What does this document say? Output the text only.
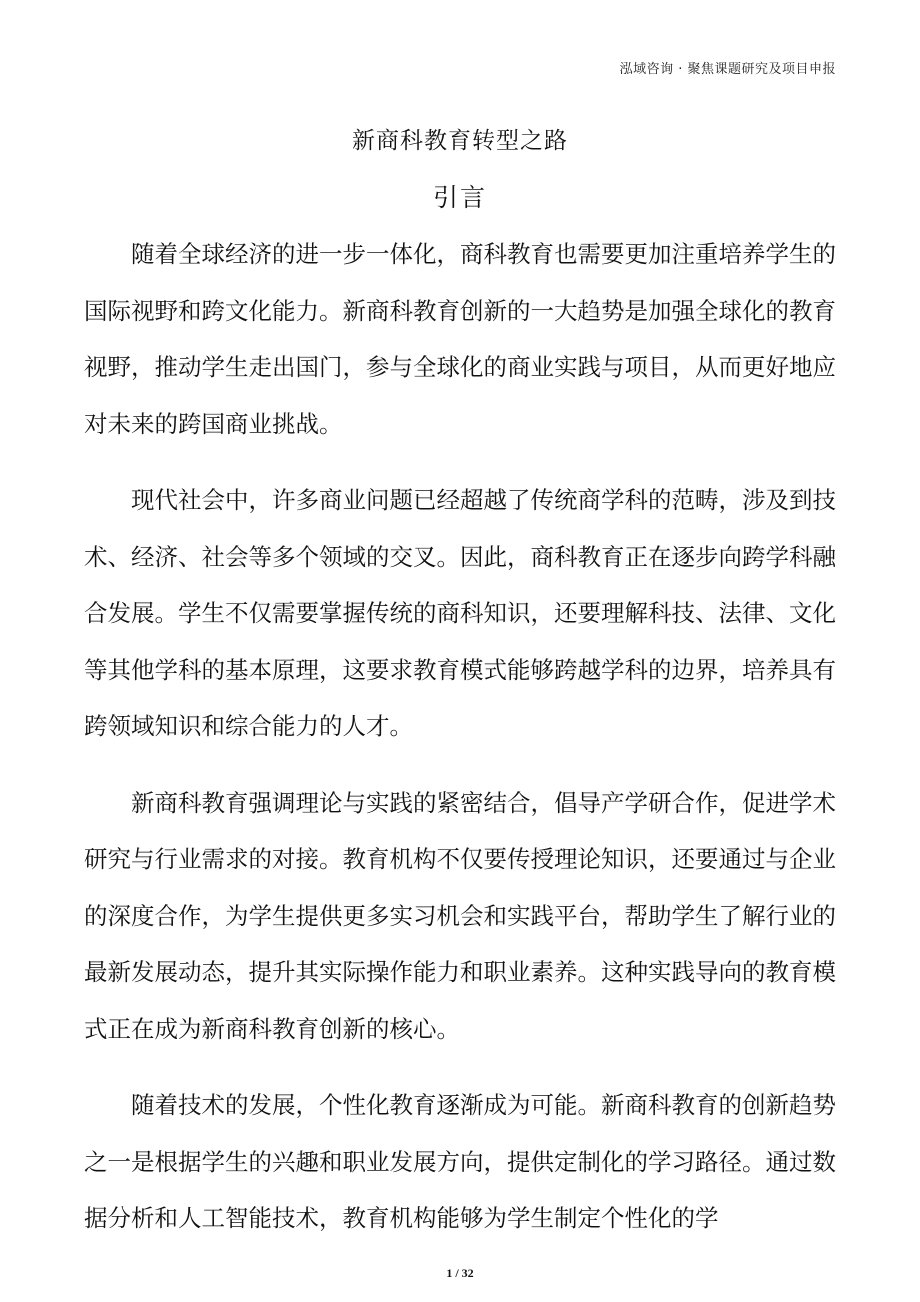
泓域咨询 · 聚焦课题研究及项目申报
新商科教育转型之路
引言

随着全球经济的进一步一体化，商科教育也需要更加注重培养学生的国际视野和跨文化能力。新商科教育创新的一大趋势是加强全球化的教育视野，推动学生走出国门，参与全球化的商业实践与项目，从而更好地应对未来的跨国商业挑战。

现代社会中，许多商业问题已经超越了传统商学科的范畴，涉及到技术、经济、社会等多个领域的交叉。因此，商科教育正在逐步向跨学科融合发展。学生不仅需要掌握传统的商科知识，还要理解科技、法律、文化等其他学科的基本原理，这要求教育模式能够跨越学科的边界，培养具有跨领域知识和综合能力的人才。

新商科教育强调理论与实践的紧密结合，倡导产学研合作，促进学术研究与行业需求的对接。教育机构不仅要传授理论知识，还要通过与企业的深度合作，为学生提供更多实习机会和实践平台，帮助学生了解行业的最新发展动态，提升其实际操作能力和职业素养。这种实践导向的教育模式正在成为新商科教育创新的核心。

随着技术的发展，个性化教育逐渐成为可能。新商科教育的创新趋势之一是根据学生的兴趣和职业发展方向，提供定制化的学习路径。通过数据分析和人工智能技术，教育机构能够为学生制定个性化的学

1 / 32
